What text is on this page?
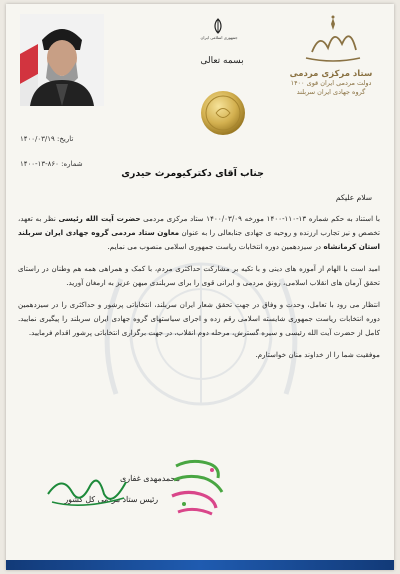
ستاد مرکزی مردمی
دولت مردمی ایران قوی ۱۴۰۰
گروه جهادی ایران سربلند
جمهوری اسلامی ایران
بسمه تعالی
تاریخ: ۱۴۰۰/۰۳/۱۹
شماره: ۸۶۰-۱۳-۱۴۰۰
جناب آقای دکترکیومرث حیدری
سلام علیکم

با استناد به حکم شماره ۱۳-۱۱۰-۱۴۰۰ مورخه ۱۴۰۰/۰۳/۰۹ ستاد مرکزی مردمی حضرت آیت الله رئیسی نظر به تعهد، تخصص و نیز تجارب ارزنده و روحیه ی جهادی جنابعالی را به عنوان معاون ستاد مردمی گروه جهادی ایران سربلند استان کرمانشاه در سیزدهمین دوره انتخابات ریاست جمهوری اسلامی منصوب می نمایم.

امید است با الهام از آموزه های دینی و با تکیه بر مشارکت حداکثری مردم، با کمک و همراهی همه هم وطنان در راستای تحقق آرمان های انقلاب اسلامی، رونق مردمی و ایرانی قوی را برای سربلندی میهن عزیز به ارمغان آورید.

انتظار می رود با تعامل، وحدت و وفاق در جهت تحقق شعار ایران سربلند، انتخاباتی پرشور و حداکثری را در سیزدهمین دوره انتخابات ریاست جمهوری شایسته اسلامی رقم زده و اجرای سیاستهای گروه جهادی ایران سربلند را پیگیری نمایید. کامل از حضرت آیت الله رئیسی و سیره گسترش، مرحله دوم انقلاب، در جهت برگزاری انتخاباتی پرشور اقدام فرمایید.

موفقیت شما را از خداوند منان خواستارم.

محمدمهدی غفاری
رئیس ستاد مردمی کل کشور
